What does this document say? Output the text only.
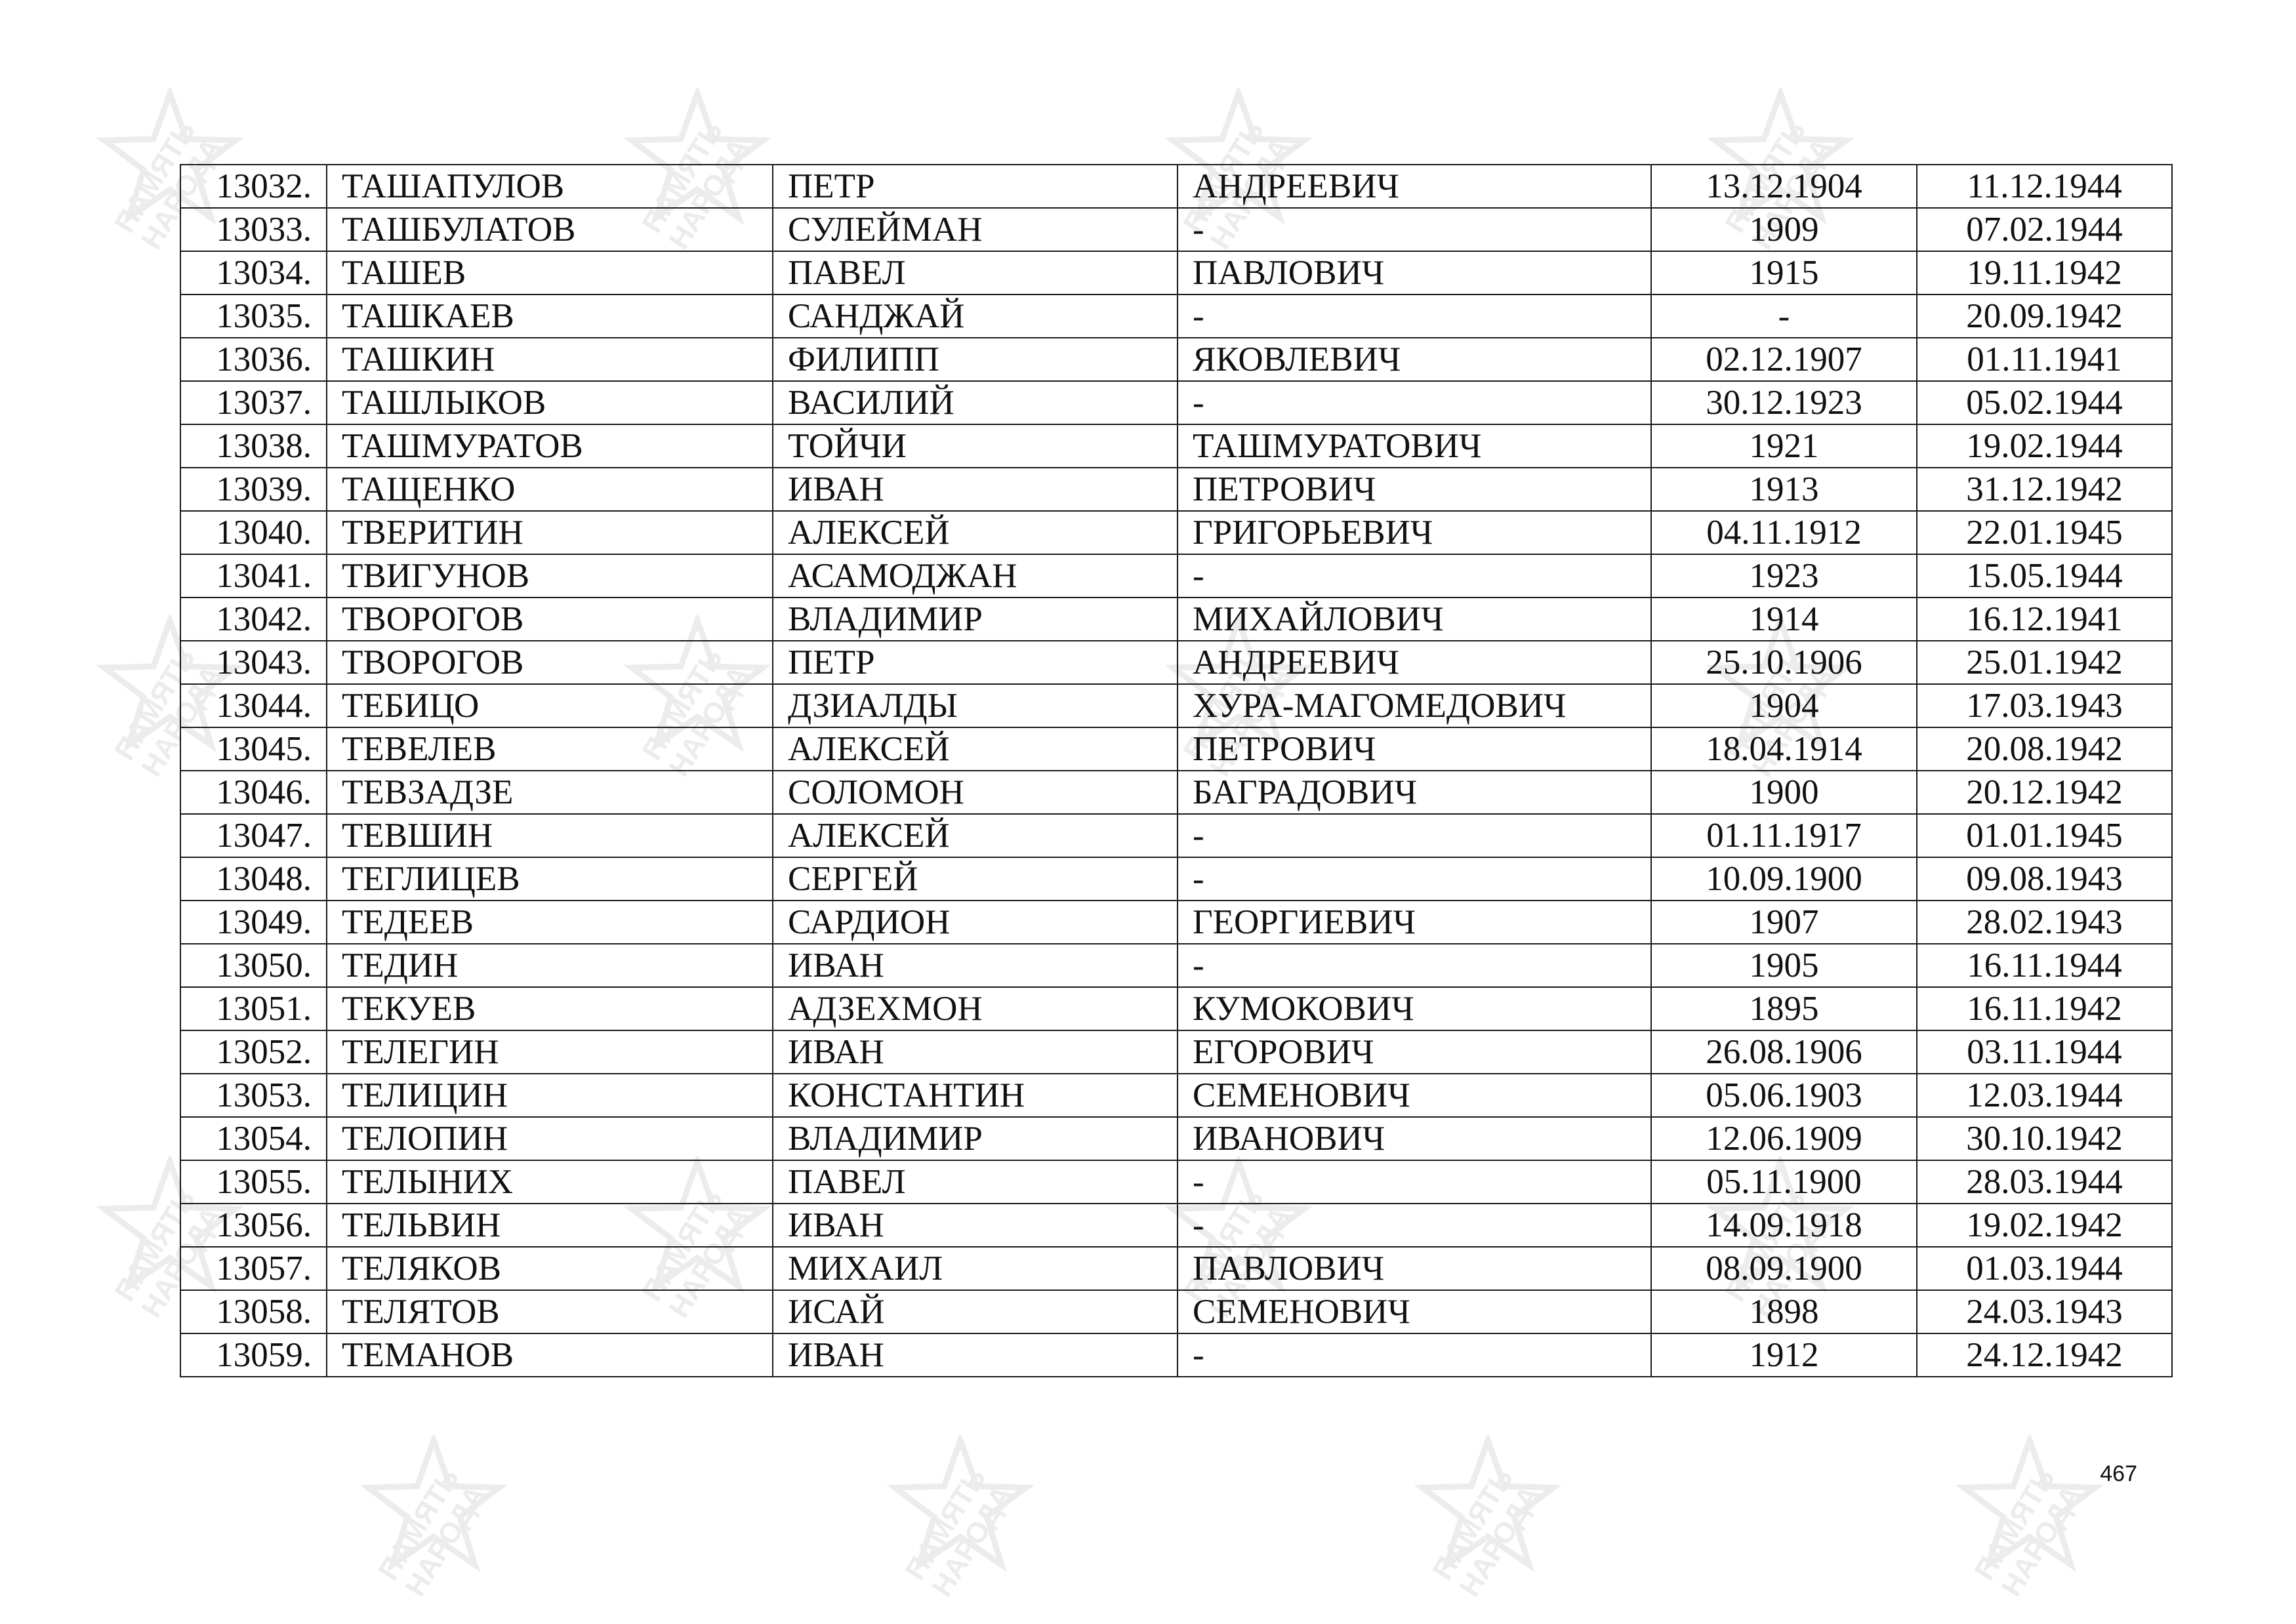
13032.	ТАШАПУЛОВ	ПЕТР	АНДРЕЕВИЧ	13.12.1904	11.12.1944
13033.	ТАШБУЛАТОВ	СУЛЕЙМАН	-	1909	07.02.1944
13034.	ТАШЕВ	ПАВЕЛ	ПАВЛОВИЧ	1915	19.11.1942
13035.	ТАШКАЕВ	САНДЖАЙ	-	-	20.09.1942
13036.	ТАШКИН	ФИЛИПП	ЯКОВЛЕВИЧ	02.12.1907	01.11.1941
13037.	ТАШЛЫКОВ	ВАСИЛИЙ	-	30.12.1923	05.02.1944
13038.	ТАШМУРАТОВ	ТОЙЧИ	ТАШМУРАТОВИЧ	1921	19.02.1944
13039.	ТАЩЕНКО	ИВАН	ПЕТРОВИЧ	1913	31.12.1942
13040.	ТВЕРИТИН	АЛЕКСЕЙ	ГРИГОРЬЕВИЧ	04.11.1912	22.01.1945
13041.	ТВИГУНОВ	АСАМОДЖАН	-	1923	15.05.1944
13042.	ТВОРОГОВ	ВЛАДИМИР	МИХАЙЛОВИЧ	1914	16.12.1941
13043.	ТВОРОГОВ	ПЕТР	АНДРЕЕВИЧ	25.10.1906	25.01.1942
13044.	ТЕБИЦО	ДЗИАЛДЫ	ХУРА-МАГОМЕДОВИЧ	1904	17.03.1943
13045.	ТЕВЕЛЕВ	АЛЕКСЕЙ	ПЕТРОВИЧ	18.04.1914	20.08.1942
13046.	ТЕВЗАДЗЕ	СОЛОМОН	БАГРАДОВИЧ	1900	20.12.1942
13047.	ТЕВШИН	АЛЕКСЕЙ	-	01.11.1917	01.01.1945
13048.	ТЕГЛИЦЕВ	СЕРГЕЙ	-	10.09.1900	09.08.1943
13049.	ТЕДЕЕВ	САРДИОН	ГЕОРГИЕВИЧ	1907	28.02.1943
13050.	ТЕДИН	ИВАН	-	1905	16.11.1944
13051.	ТЕКУЕВ	АДЗЕХМОН	КУМОКОВИЧ	1895	16.11.1942
13052.	ТЕЛЕГИН	ИВАН	ЕГОРОВИЧ	26.08.1906	03.11.1944
13053.	ТЕЛИЦИН	КОНСТАНТИН	СЕМЕНОВИЧ	05.06.1903	12.03.1944
13054.	ТЕЛОПИН	ВЛАДИМИР	ИВАНОВИЧ	12.06.1909	30.10.1942
13055.	ТЕЛЫНИХ	ПАВЕЛ	-	05.11.1900	28.03.1944
13056.	ТЕЛЬВИН	ИВАН	-	14.09.1918	19.02.1942
13057.	ТЕЛЯКОВ	МИХАИЛ	ПАВЛОВИЧ	08.09.1900	01.03.1944
13058.	ТЕЛЯТОВ	ИСАЙ	СЕМЕНОВИЧ	1898	24.03.1943
13059.	ТЕМАНОВ	ИВАН	-	1912	24.12.1942
467
